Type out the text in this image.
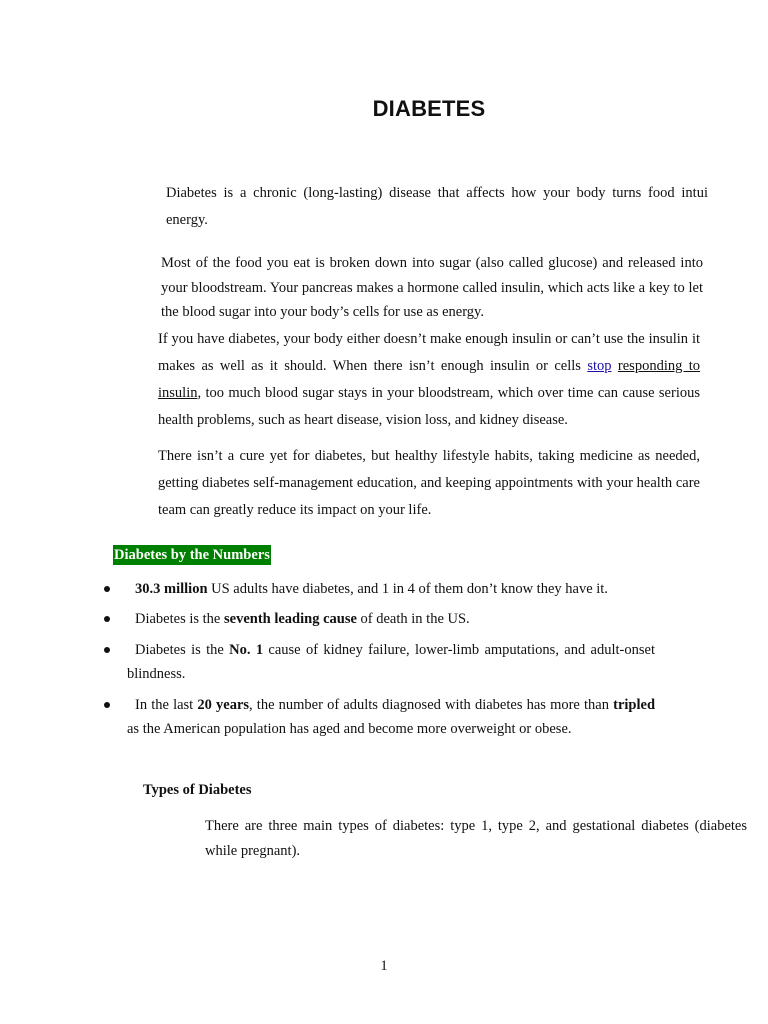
DIABETES

Diabetes is a chronic (long-lasting) disease that affects how your body turns food intui energy.

Most of the food you eat is broken down into sugar (also called glucose) and released into your bloodstream. Your pancreas makes a hormone called insulin, which acts like a key to let the blood sugar into your body’s cells for use as energy.

If you have diabetes, your body either doesn’t make enough insulin or can’t use the insulin it makes as well as it should. When there isn’t enough insulin or cells stop responding to insulin, too much blood sugar stays in your bloodstream, which over time can cause serious health problems, such as heart disease, vision loss, and kidney disease.

There isn’t a cure yet for diabetes, but healthy lifestyle habits, taking medicine as needed, getting diabetes self-management education, and keeping appointments with your health care team can greatly reduce its impact on your life.

Diabetes by the Numbers

30.3 million US adults have diabetes, and 1 in 4 of them don’t know they have it.

Diabetes is the seventh leading cause of death in the US.

Diabetes is the No. 1 cause of kidney failure, lower-limb amputations, and adult-onset blindness.

In the last 20 years, the number of adults diagnosed with diabetes has more than tripled as the American population has aged and become more overweight or obese.

Types of Diabetes

There are three main types of diabetes: type 1, type 2, and gestational diabetes (diabetes while pregnant).

1
